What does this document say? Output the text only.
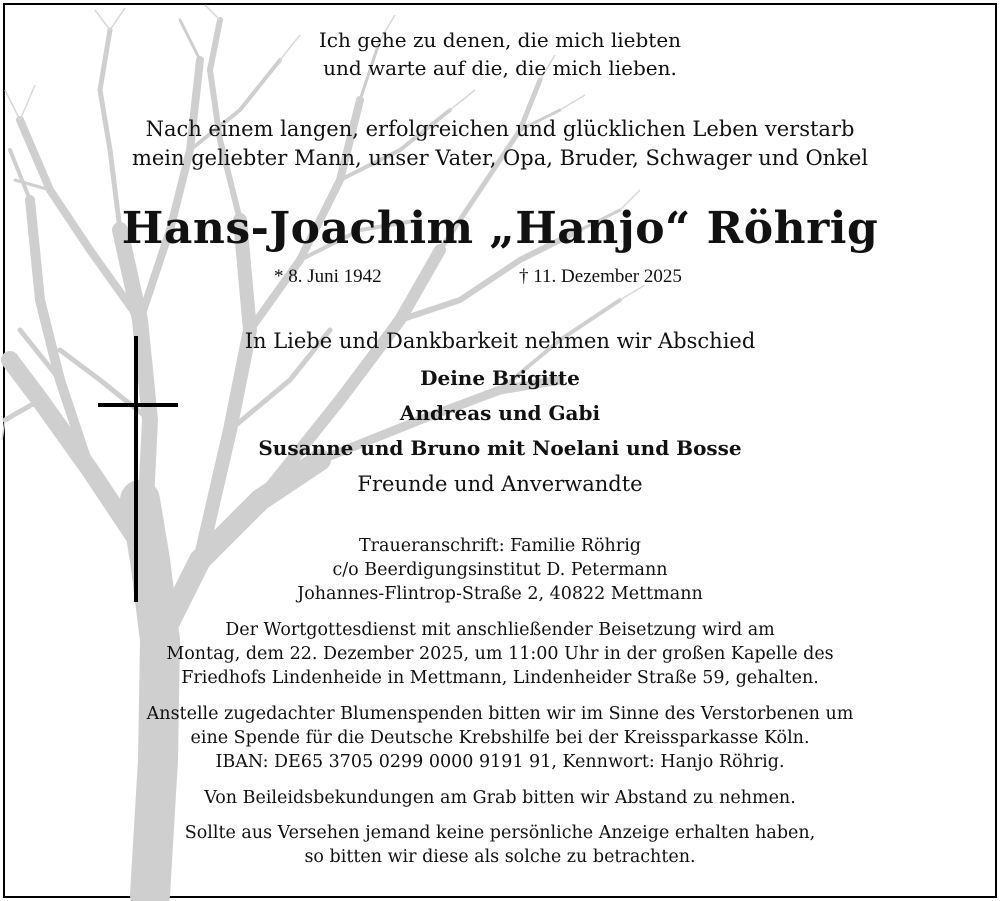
Ich gehe zu denen, die mich liebten
und warte auf die, die mich lieben.
Nach einem langen, erfolgreichen und glücklichen Leben verstarb
mein geliebter Mann, unser Vater, Opa, Bruder, Schwager und Onkel
Hans-Joachim „Hanjo“ Röhrig
* 8. Juni 1942	† 11. Dezember 2025
In Liebe und Dankbarkeit nehmen wir Abschied
Deine Brigitte
Andreas und Gabi
Susanne und Bruno mit Noelani und Bosse
Freunde und Anverwandte
Traueranschrift: Familie Röhrig
c/o Beerdigungsinstitut D. Petermann
Johannes-Flintrop-Straße 2, 40822 Mettmann
Der Wortgottesdienst mit anschließender Beisetzung wird am
Montag, dem 22. Dezember 2025, um 11:00 Uhr in der großen Kapelle des
Friedhofs Lindenheide in Mettmann, Lindenheider Straße 59, gehalten.
Anstelle zugedachter Blumenspenden bitten wir im Sinne des Verstorbenen um
eine Spende für die Deutsche Krebshilfe bei der Kreissparkasse Köln.
IBAN: DE65 3705 0299 0000 9191 91, Kennwort: Hanjo Röhrig.
Von Beileidsbekundungen am Grab bitten wir Abstand zu nehmen.
Sollte aus Versehen jemand keine persönliche Anzeige erhalten haben,
so bitten wir diese als solche zu betrachten.
